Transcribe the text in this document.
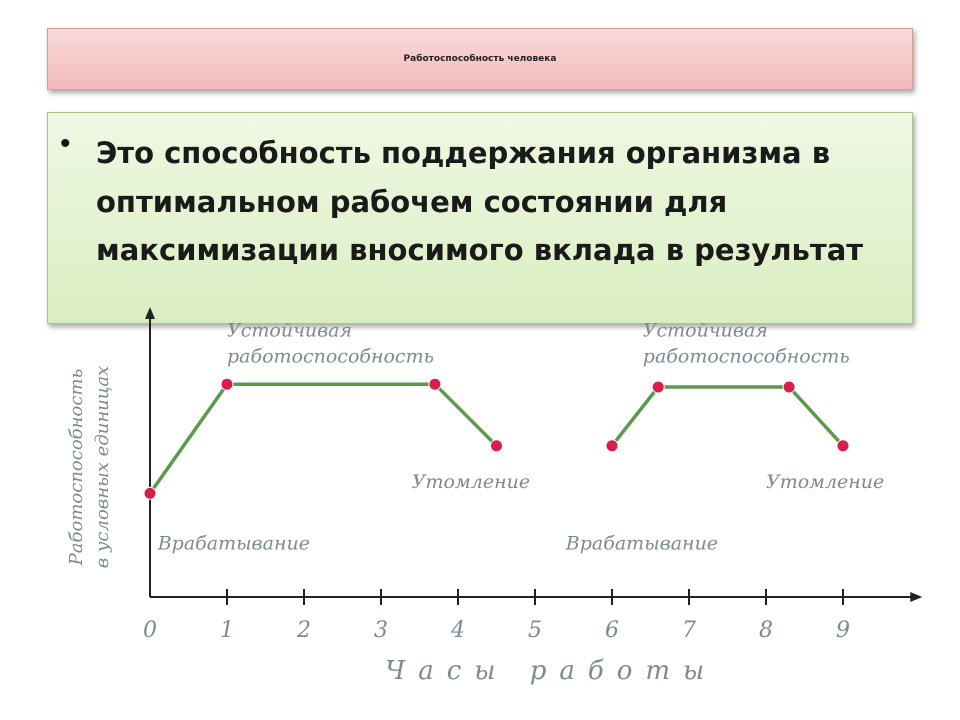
Работоспособность человека
• Это способность поддержания организма в оптимальном рабочем состоянии для максимизации вносимого вклада в результат
0	1	2	3	4	5	6	7	8	9
Часы работы
Работоспособность в условных единицах
Устойчивая
работоспособность
Устойчивая
работоспособность
Утомление	Утомление
Врабатывание	Врабатывание
